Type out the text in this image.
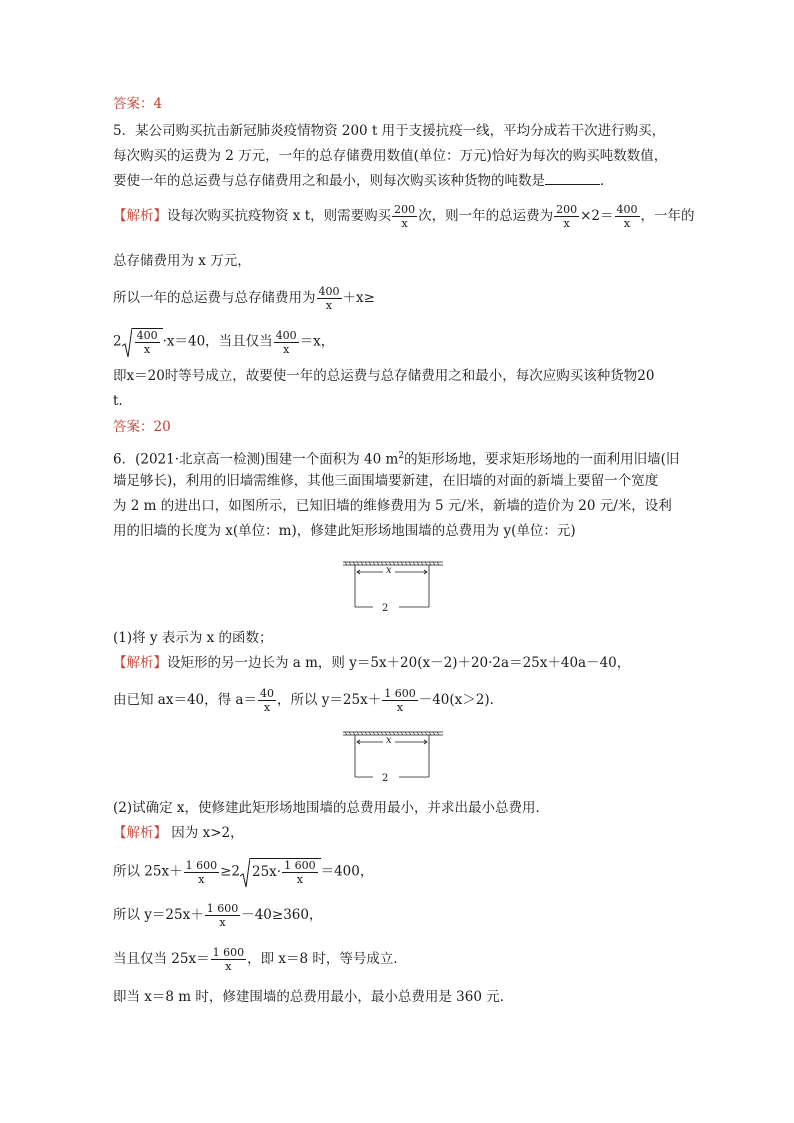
答案：4
5．某公司购买抗击新冠肺炎疫情物资 200 t 用于支援抗疫一线，平均分成若干次进行购买，
每次购买的运费为 2 万元，一年的总存储费用数值(单位：万元)恰好为每次的购买吨数数值，
要使一年的总运费与总存储费用之和最小，则每次购买该种货物的吨数是	．
【解析】设每次购买抗疫物资 x t，则需要购买 $\frac{200}{x}$ 次，则一年的总运费为 $\frac{200}{x} \times 2= \frac{400}{x}$ ，一年的
总存储费用为 x 万元，
所以一年的总运费与总存储费用为 $\frac{400}{x} +x\ge$
$2 \frac{400}{x} \cdot x=40$，当且仅当 $\frac{400}{x} =x$，
即x＝20时等号成立，故要使一年的总运费与总存储费用之和最小，每次应购买该种货物20
t.
答案：20
6．(2021·北京高一检测)围建一个面积为 40 $m^2$的矩形场地，要求矩形场地的一面利用旧墙(旧
墙足够长)，利用的旧墙需维修，其他三面围墙要新建，在旧墙的对面的新墙上要留一个宽度
为 2 m 的进出口，如图所示，已知旧墙的维修费用为 5 元/米，新墙的造价为 20 元/米，设利
用的旧墙的长度为 x(单位：m)，修建此矩形场地围墙的总费用为 y(单位：元)
x
2
(1)将 y 表示为 x 的函数；
【解析】设矩形的另一边长为 a m，则 y＝5x＋20(x－2)＋20·2a＝25x＋40a－40，
由已知 ax＝40，得 $a= \frac{40}{x}$ ，所以 $y=25x+ \frac{1 600}{x} -40(x>2)$.
x
2
(2)试确定 x，使修建此矩形场地围墙的总费用最小，并求出最小总费用．
【解析】 因为 x>2，
所以 $25x+ \frac{1 600}{x} \ge 2$ $25x\cdot \frac{1 600}{x} =400$，
所以 $y=25x+ \frac{1 600}{x} -40\ge 360$，
当且仅当 $25x= \frac{1 600}{x}$ ，即 x＝8 时，等号成立．
即当 x＝8 m 时，修建围墙的总费用最小，最小总费用是 360 元．
